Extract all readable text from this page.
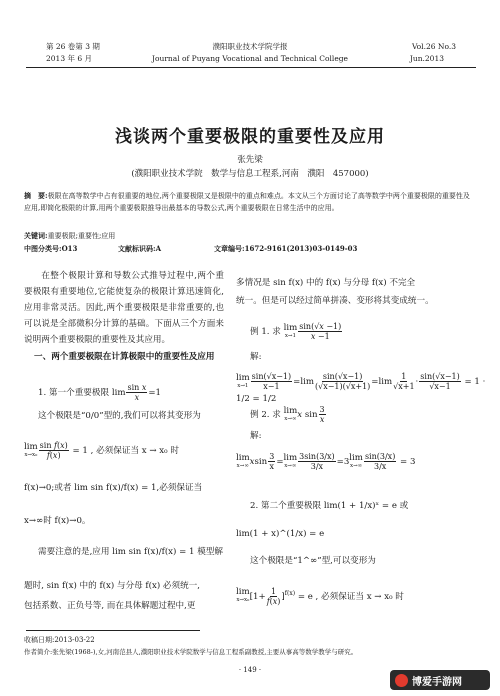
第 26 卷第 3 期
2013 年 6 月
濮阳职业技术学院学报
Journal of Puyang Vocational and Technical College
Vol.26 No.3
Jun.2013
浅谈两个重要极限的重要性及应用
张先梁
(濮阳职业技术学院　数学与信息工程系,河南　濮阳　457000)
摘　要:极限在高等数学中占有很重要的地位,两个重要极限又是极限中的重点和难点。本文从三个方面讨论了高等数学中两个重要极限的重要性及应用,即简化极限的计算,用两个重要极限推导出最基本的导数公式,两个重要极限在日常生活中的应用。
关键词:重要极限;重要性;应用
中图分类号:O13	文献标识码:A	文章编号:1672-9161(2013)03-0149-03
在整个极限计算和导数公式推导过程中,两个重要极限有重要地位,它能使复杂的极限计算迅速简化,应用非常灵活。因此,两个重要极限是非常重要的,也可以说是全部微积分计算的基础。下面从三个方面来说明两个重要极限的重要性及其应用。
一、两个重要极限在计算极限中的重要性及应用
1. 第一个重要极限 $\lim \frac{\text{sin x}}{x} =1$
这个极限是“0/0”型的,我们可以将其变形为
lim
$x\to x_0 \frac{\text{sin f(x)}}{f(x)} = 1$ , 必须保证当 x → x₀ 时
f(x)→0;或者 lim sin f(x)/f(x) = 1,必须保证当
x→∞时 f(x)→0。
需要注意的是,应用 lim sin f(x)/f(x) = 1 模型解
题时, sin f(x) 中的 f(x) 与分母 f(x) 必须统一,
包括系数、正负号等, 而在具体解题过程中,更
多情况是 sin f(x) 中的 f(x) 与分母 f(x) 不完全
统一。但是可以经过简单拼凑、变形将其变成统一。
例 1. 求 lim
$x\to 1 \frac{\sin(√x -1)}{x -1}$
解:
lim
$x\to 1 \frac{\sin(√x-1)}{x-1} =\lim \frac{\sin(√x-1)}{(√x-1)(√x+1)} =\lim \frac{1}{√x+1} \cdot \frac{\sin(√x-1)}{√x-1} = 1 \cdot 1/2 = 1/2$
例 2. 求 lim
x→∞ x $\sin \frac{3}{x}$
解:
lim
x→∞ xsin $\frac{3}{x} =\lim$
$x\to\infty \frac{3\sin(3/x)}{3/x} =3\lim$
$x\to\infty \frac{\sin(3/x)}{3/x} = 3$
2. 第二个重要极限 lim(1 + 1/x)ˣ = e 或
lim(1 + x)^(1/x) = e
这个极限是“1^∞”型,可以变形为
lim
x→x₀ $[1+ \frac{1}{f(x)} ]^{f(x)} = e$ , 必须保证当 x → x₀ 时
收稿日期:2013-03-22
作者简介:张先梁(1968-),女,河南范县人,濮阳职业技术学院数学与信息工程系副教授,主要从事高等数学教学与研究。
· 149 ·
博爱手游网
